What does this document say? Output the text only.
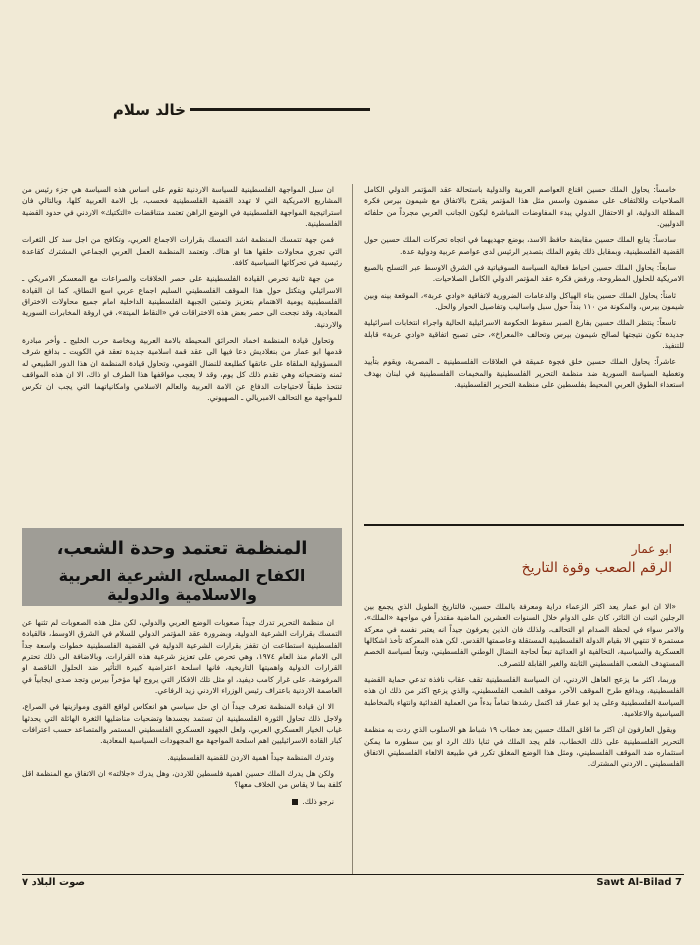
خالد سلام

خامساً: يحاول الملك حسين اقناع العواصم العربية والدولية باستحالة عقد المؤتمر الدولي الكامل الصلاحيات وللالتفاف على مضمون واسس مثل هذا المؤتمر يقترح بالاتفاق مع شيمون بيرس فكرة المظلة الدولية، او الاحتفال الدولي يبدء المفاوضات المباشرة ليكون الجانب العربي مجرداً من حلفائه الدوليين.

سادساً: يتابع الملك حسين مقايضة حافظ الاسد، بوضع جهديهما في اتجاه تحركات الملك حسين حول القضية الفلسطينية، وبمقابل ذلك يقوم الملك بتصدير الرئيس لدى عواصم عربية ودولية عدة.

سابعاً: يحاول الملك حسين احباط فعالية السياسة السوفياتية في الشرق الاوسط عبر التسلح بالصيغ الامريكية للحلول المطروحة، ورفض فكرة عقد المؤتمر الدولي الكامل الصلاحيات.

ثامناً: يحاول الملك حسين بناء الهياكل والدعامات الضرورية لاتفاقية «وادي عربة»، الموقعة بينه وبين شيمون بيرس، والمكونة من ١١٠ بنداً حول سبل واساليب وتفاصيل الحوار والحل.

تاسعاً: ينتظر الملك حسين بفارغ الصبر سقوط الحكومة الاسرائيلية الحالية واجراء انتخابات اسرائيلية جديدة تكون نتيجتها لصالح شيمون بيرس وتحالف «المعراخ»، حتى تصبح اتفاقية «وادي عربة» قابلة للتنفيذ.

عاشراً: يحاول الملك حسين خلق فجوة عميقة في العلاقات الفلسطينية ـ المصرية، ويقوم بتأييد وتغطية السياسة السورية ضد منظمة التحرير الفلسطينية والمخيمات الفلسطينية في لبنان بهدف استعداء الطوق العربي المحيط بفلسطين على منظمة التحرير الفلسطينية.

ابو عمار
الرقم الصعب وقوة التاريخ

«الا ان ابو عمار يعد اكثر الزعماء دراية ومعرفة بالملك حسين، فالتاريخ الطويل الذي يجمع بين الرجلين اثبت ان الثائر، كان على الدوام خلال السنوات العشرين الماضية مقتدراً في مواجهة «الملك»، والامر سواء في لحظة الصدام او التحالف، ولذلك فان الذين يعرفون جيداً انه يعتبر نفسه في معركة مستمرة لا تنتهي الا بقيام الدولة الفلسطينية المستقلة وعاصمتها القدس. لكن هذه المعركة تأخذ اشكالها العسكرية والسياسية، التحالفية او العدائية تبعاً لحاجة النضال الوطني الفلسطيني، وتبعاً لسياسة الخصم المستهدف الشعب الفلسطيني الثابتة والغير القابلة للتصرف.

وربما، اكثر ما يزعج العاهل الاردني، ان السياسة الفلسطينية تقف عقاب نافذة تدعي حماية القضية الفلسطينية، ويدافع طرح الموقف الآخر، موقف الشعب الفلسطيني، والذي يزعج اكثر من ذلك ان هذه السياسة الفلسطينية وعلى يد ابو عمار قد اكتمل رشدها تماماً بدءاً من العملية الفدائية وانتهاء بالمخاطبة السياسية والاعلامية.

ويقول العارفون ان اكثر ما اقلق الملك حسين بعد خطاب ١٩ شباط هو الاسلوب الذي ردت به منظمة التحرير الفلسطينية على ذلك الخطاب، فلم يجد الملك في ثنايا ذلك الرد او بين سطوره ما يمكن استثماره ضد الموقف الفلسطيني، ومثل هذا الوضع المغلق تكرر في طبيعة الالغاء الفلسطيني الاتفاق الفلسطيني ـ الاردني المشترك.

ان سبل المواجهة الفلسطينية للسياسة الاردنية تقوم على اساس هذه السياسة هي جزء رئيس من المشاريع الامريكية التي لا تهدد القضية الفلسطينية فحسب، بل الامة العربية كلها، وبالتالي فان استراتيجية المواجهة الفلسطينية في الوضع الراهن تعتمد متناقضات «التكتيك» الاردني في حدود القضية الفلسطينية.

فمن جهة تتمسك المنظمة اشد التمسك بقرارات الاجماع العربي، وتكافح من اجل سد كل الثغرات التي تجري محاولات خلقها هنا او هناك. وتعتمد المنظمة العمل العربي الجماعي المشترك كقاعدة رئيسية في تحركاتها السياسية كافة.

من جهة ثانية تحرص القيادة الفلسطينية على حصر الخلافات والصراعات مع المعسكر الامريكي ـ الاسرائيلي ويتكتل حول هذا الموقف الفلسطيني السليم اجماع عربي اسع النطاق، كما ان القيادة الفلسطينية يومية الاهتمام بتعزيز وتمتين الجبهة الفلسطينية الداخلية امام جميع محاولات الاختراق المعادية، وقد نجحت الى حصر بعض هذه الاختراقات في «النقاط الميتة»، في اروقة المخابرات السورية والاردنية.

وتحاول قيادة المنظمة اخماد الحرائق المحيطة بالامة العربية وبخاصة حرب الخليج ـ وأخر مبادرة قدمها ابو عمار من بنغلاديش دعا فيها الى عقد قمة اسلامية جديدة تعقد في الكويت ـ بدافع شرف المسؤولية الملقاة على عاتقها كطليعة للنضال القومي، وتحاول قيادة المنظمة ان هذا الدور الطبيعي له ثمنه وتضحياته وهي تقدم ذلك كل يوم، وقد لا يعجب مواقفها هذا الطرف او ذاك، الا ان هذه المواقف تنتحذ طبقاً لاحتياجات الدفاع عن الامة العربية والعالم الاسلامي وامكانياتهما التي يجب ان تكرس للمواجهة مع التحالف الامبريالي ـ الصهيوني.

المنظمة تعتمد وحدة الشعب،
الكفاح المسلح، الشرعية العربية والاسلامية والدولية

ان منظمة التحرير تدرك جيداً صعوبات الوضع العربي والدولي، لكن مثل هذه الصعوبات لم تثنها عن التمسك بقرارات الشرعية الدولية، وبضرورة عقد المؤتمر الدولي للسلام في الشرق الاوسط، فالقيادة الفلسطينية استطاعت ان تقفز بقرارات الشرعية الدولية في القضية الفلسطينية خطوات واسعة جداً الى الامام منذ العام ١٩٧٤، وهي تحرص على تعزيز شرعية هذه القرارات، وبالاضافة الى ذلك تحترم القرارات الدولية واهميتها التاريخية، فانها اسلحة اعتراضية كبيرة التأثير ضد الحلول الناقصة او المرفوضة، على غرار كامب ديفيد، او مثل تلك الافكار التي يروج لها مؤخراً بيرس وتجد صدى ايجابياً في العاصمة الاردنية باعتراف رئيس الوزراء الاردني زيد الرفاعي.

الا ان قيادة المنظمة تعرف جيداً ان اي حل سياسي هو انعكاس لواقع القوى وموازينها في الصراع، ولاجل ذلك تحاول الثورة الفلسطينية ان تستمد بجسدها وتضحيات مناضليها الثغرة الهائلة التي يحدثها غياب الخيار العسكري العربي، ولعل الجهود العسكري الفلسطيني المستمر والمتصاعد حسب اعترافات كبار القادة الاسرائيليين اهم اسلحة المواجهة مع المجهودات السياسية المعادية.

وتدرك المنظمة جيداً اهمية الاردن للقضية الفلسطينية.

ولكن هل يدرك الملك حسين اهمية فلسطين للاردن، وهل يدرك «جلالته» ان الاتفاق مع المنظمة اقل كلفة بما لا يقاس من الخلاف معها؟

نرجو ذلك.

صوت البلاد ٧	Sawt Al-Bilad 7
